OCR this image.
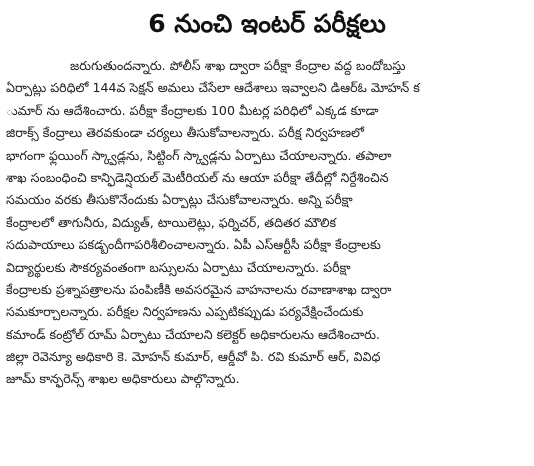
6 నుంచి ఇంటర్ పరీక్షలు
జరుగుతుందన్నారు. పోలీస్ శాఖ ద్వారా పరీక్షా కేంద్రాల వద్ద బందోబస్తు
ఏర్పాట్లు పరిధిలో 144వ సెక్షన్ అమలు చేసేలా ఆదేశాలు ఇవ్వాలని డిఆర్ఓ మోహన్ క
ుమార్ ను ఆదేశించారు. పరీక్షా కేంద్రాలకు 100 మీటర్ల పరిధిలో ఎక్కడ కూడా
జిరాక్స్ కేంద్రాలు తెరవకుండా చర్యలు తీసుకోవాలన్నారు. పరీక్ష నిర్వహణలో
భాగంగా ఫ్లయింగ్ స్క్వాడ్లను, సిట్టింగ్ స్క్వాడ్లను ఏర్పాటు చేయాలన్నారు. తపాలా
శాఖ సంబంధించి కాన్ఫిడెన్షియల్ మెటీరియల్ ను ఆయా పరీక్షా తేదీల్లో నిర్దేశించిన
సమయం వరకు తీసుకొనేందుకు ఏర్పాట్లు చేసుకోవాలన్నారు. అన్ని పరీక్షా
కేంద్రాలలో తాగునీరు, విద్యుత్, టాయిలెట్లు, ఫర్నిచర్, తదితర మౌలిక
సదుపాయాలు పకడ్బందీగాపరిశీలించాలన్నారు. ఏపీ ఎస్ఆర్టీసీ పరీక్షా కేంద్రాలకు
విద్యార్థులకు సౌకర్యవంతంగా బస్సులను ఏర్పాటు చేయాలన్నారు. పరీక్షా
కేంద్రాలకు ప్రశ్నాపత్రాలను పంపిణీకి అవసరమైన వాహనాలను రవాణాశాఖ ద్వారా
సమకూర్చాలన్నారు. పరీక్షల నిర్వహణను ఎప్పటికప్పుడు పర్యవేక్షించేందుకు
కమాండ్ కంట్రోల్ రూమ్ ఏర్పాటు చేయాలని కలెక్టర్ అధికారులను ఆదేశించారు.
జిల్లా రెవెన్యూ అధికారి కె. మోహన్ కుమార్, ఆర్డీవో పి. రవి కుమార్ ఆర్, వివిధ
జూమ్ కాన్ఫరెన్స్ శాఖల అధికారులు పాల్గొన్నారు.
